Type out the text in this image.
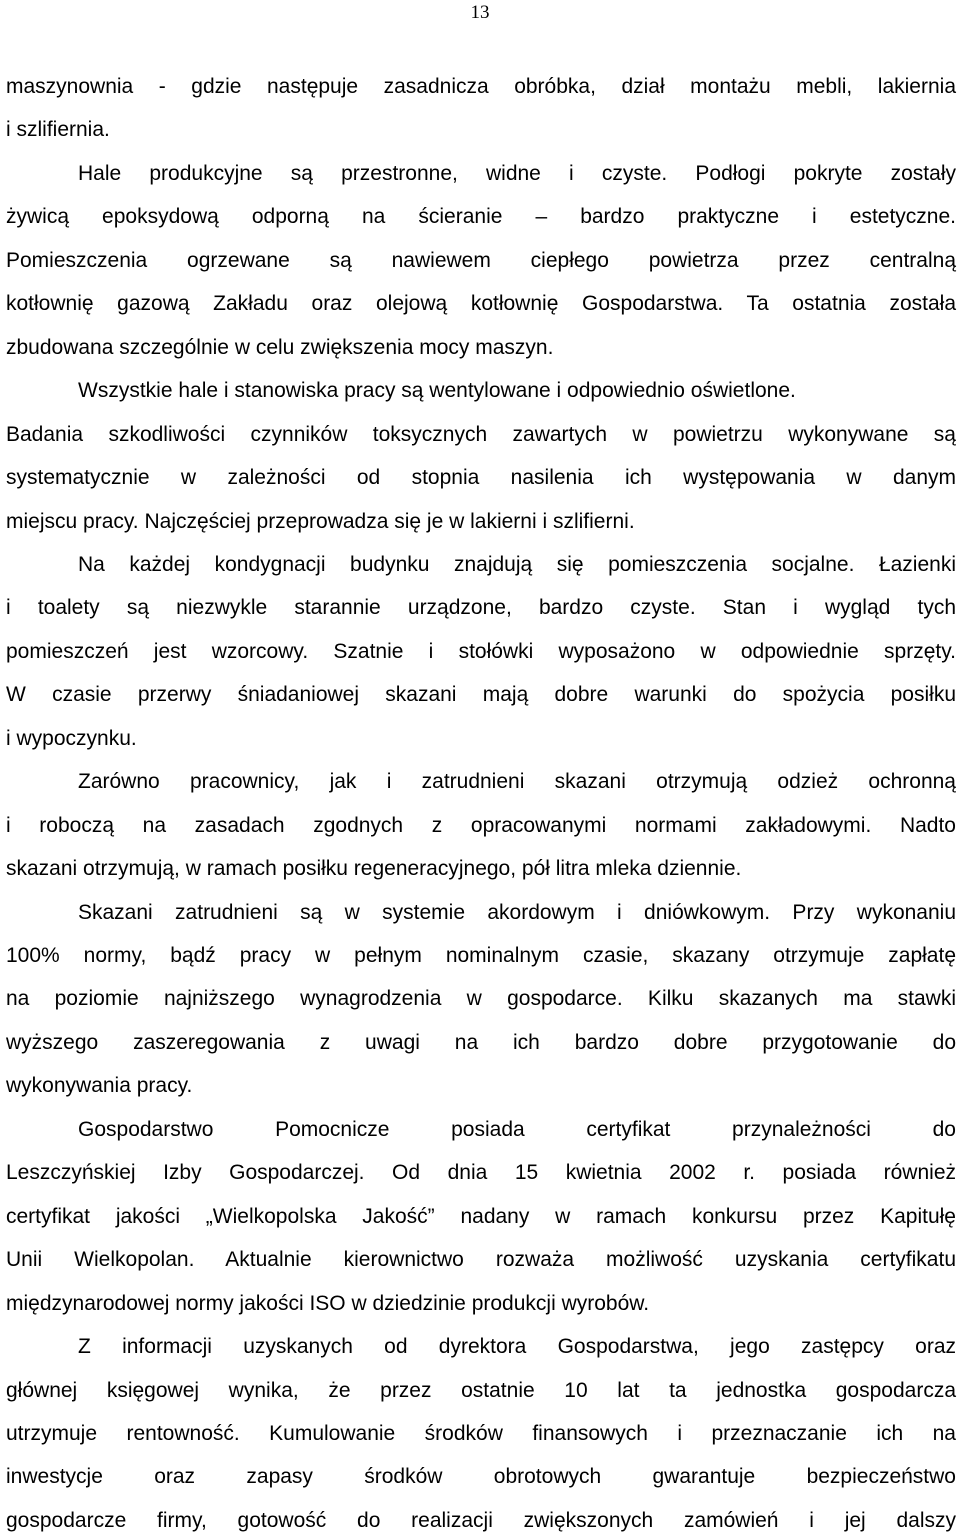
13
maszynownia - gdzie następuje zasadnicza obróbka, dział montażu mebli, lakiernia
i szlifiernia.
Hale produkcyjne są przestronne, widne i czyste. Podłogi pokryte zostały
żywicą epoksydową odporną na ścieranie – bardzo praktyczne i estetyczne.
Pomieszczenia ogrzewane są nawiewem ciepłego powietrza przez centralną
kotłownię gazową Zakładu oraz olejową kotłownię Gospodarstwa. Ta ostatnia została
zbudowana szczególnie w celu zwiększenia mocy maszyn.
Wszystkie hale i stanowiska pracy są wentylowane i odpowiednio oświetlone.
Badania szkodliwości czynników toksycznych zawartych w powietrzu wykonywane są
systematycznie w zależności od stopnia nasilenia ich występowania w danym
miejscu pracy. Najczęściej przeprowadza się je w lakierni i szlifierni.
Na każdej kondygnacji budynku znajdują się pomieszczenia socjalne. Łazienki
i toalety są niezwykle starannie urządzone, bardzo czyste. Stan i wygląd tych
pomieszczeń jest wzorcowy. Szatnie i stołówki wyposażono w odpowiednie sprzęty.
W czasie przerwy śniadaniowej skazani mają dobre warunki do spożycia posiłku
i wypoczynku.
Zarówno pracownicy, jak i zatrudnieni skazani otrzymują odzież ochronną
i roboczą na zasadach zgodnych z opracowanymi normami zakładowymi. Nadto
skazani otrzymują, w ramach posiłku regeneracyjnego, pół litra mleka dziennie.
Skazani zatrudnieni są w systemie akordowym i dniówkowym. Przy wykonaniu
100% normy, bądź pracy w pełnym nominalnym czasie, skazany otrzymuje zapłatę
na poziomie najniższego wynagrodzenia w gospodarce. Kilku skazanych ma stawki
wyższego zaszeregowania z uwagi na ich bardzo dobre przygotowanie do
wykonywania pracy.
Gospodarstwo Pomocnicze posiada certyfikat przynależności do
Leszczyńskiej Izby Gospodarczej. Od dnia 15 kwietnia 2002 r. posiada również
certyfikat jakości „Wielkopolska Jakość” nadany w ramach konkursu przez Kapitułę
Unii Wielkopolan. Aktualnie kierownictwo rozważa możliwość uzyskania certyfikatu
międzynarodowej normy jakości ISO w dziedzinie produkcji wyrobów.
Z informacji uzyskanych od dyrektora Gospodarstwa, jego zastępcy oraz
głównej księgowej wynika, że przez ostatnie 10 lat ta jednostka gospodarcza
utrzymuje rentowność. Kumulowanie środków finansowych i przeznaczanie ich na
inwestycje oraz zapasy środków obrotowych gwarantuje bezpieczeństwo
gospodarcze firmy, gotowość do realizacji zwiększonych zamówień i jej dalszy
